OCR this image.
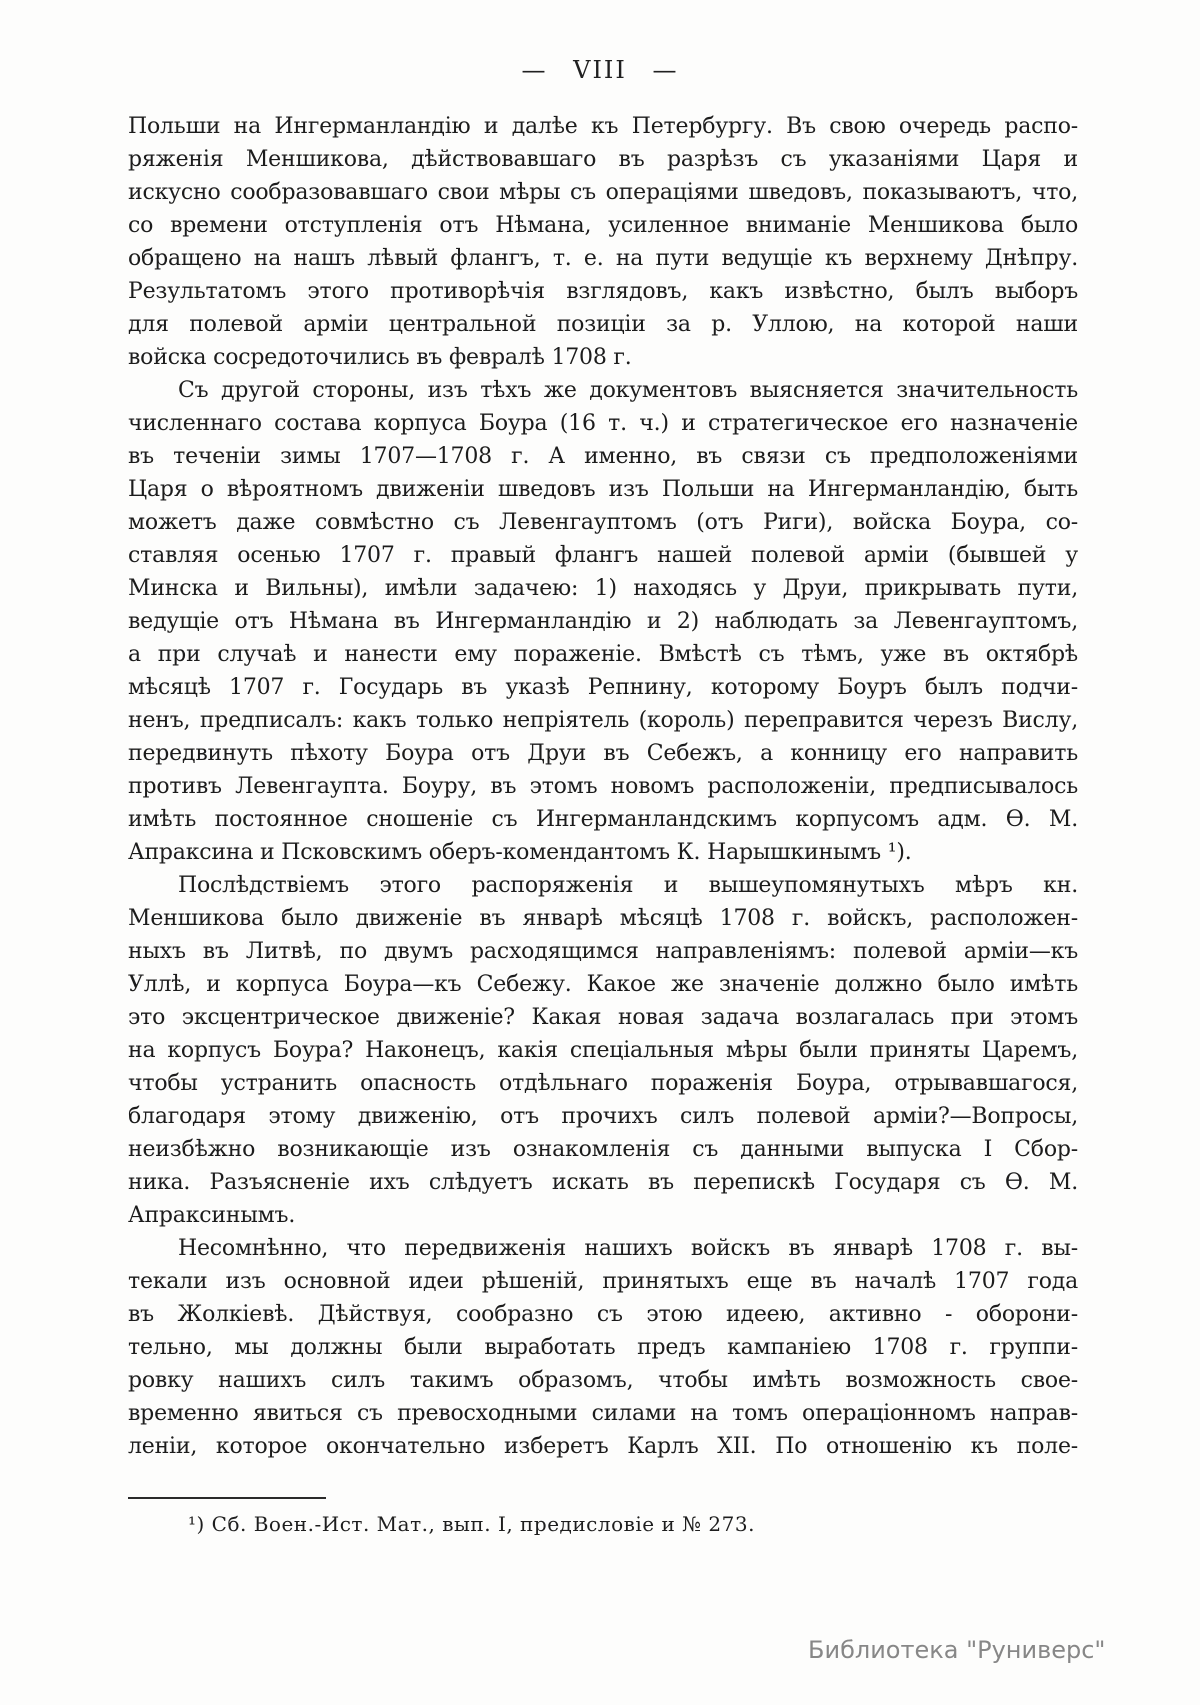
— VIII —
Польши на Ингерманландію и далѣе къ Петербургу. Въ свою очередь распо-
ряженія Меншикова, дѣйствовавшаго въ разрѣзъ съ указаніями Царя и
искусно сообразовавшаго свои мѣры съ операціями шведовъ, показываютъ, что,
со времени отступленія отъ Нѣмана, усиленное вниманіе Меншикова было
обращено на нашъ лѣвый флангъ, т. е. на пути ведущіе къ верхнему Днѣпру.
Результатомъ этого противорѣчія взглядовъ, какъ извѣстно, былъ выборъ
для полевой арміи центральной позиціи за р. Уллою, на которой наши
войска сосредоточились въ февралѣ 1708 г.
Съ другой стороны, изъ тѣхъ же документовъ выясняется значительность
численнаго состава корпуса Боура (16 т. ч.) и стратегическое его назначеніе
въ теченіи зимы 1707—1708 г. А именно, въ связи съ предположеніями
Царя о вѣроятномъ движеніи шведовъ изъ Польши на Ингерманландію, быть
можетъ даже совмѣстно съ Левенгауптомъ (отъ Риги), войска Боура, со-
ставляя осенью 1707 г. правый флангъ нашей полевой арміи (бывшей у
Минска и Вильны), имѣли задачею: 1) находясь у Друи, прикрывать пути,
ведущіе отъ Нѣмана въ Ингерманландію и 2) наблюдать за Левенгауптомъ,
а при случаѣ и нанести ему пораженіе. Вмѣстѣ съ тѣмъ, уже въ октябрѣ
мѣсяцѣ 1707 г. Государь въ указѣ Репнину, которому Боуръ былъ подчи-
ненъ, предписалъ: какъ только непріятель (король) переправится черезъ Вислу,
передвинуть пѣхоту Боура отъ Друи въ Себежъ, а конницу его направить
противъ Левенгаупта. Боуру, въ этомъ новомъ расположеніи, предписывалось
имѣть постоянное сношеніе съ Ингерманландскимъ корпусомъ адм. Ѳ. М.
Апраксина и Псковскимъ оберъ-комендантомъ К. Нарышкинымъ ¹).
Послѣдствіемъ этого распоряженія и вышеупомянутыхъ мѣръ кн.
Меншикова было движеніе въ январѣ мѣсяцѣ 1708 г. войскъ, расположен-
ныхъ въ Литвѣ, по двумъ расходящимся направленіямъ: полевой арміи—къ
Уллѣ, и корпуса Боура—къ Себежу. Какое же значеніе должно было имѣть
это эксцентрическое движеніе? Какая новая задача возлагалась при этомъ
на корпусъ Боура? Наконецъ, какія спеціальныя мѣры были приняты Царемъ,
чтобы устранить опасность отдѣльнаго пораженія Боура, отрывавшагося,
благодаря этому движенію, отъ прочихъ силъ полевой арміи?—Вопросы,
неизбѣжно возникающіе изъ ознакомленія съ данными выпуска I Сбор-
ника. Разъясненіе ихъ слѣдуетъ искать въ перепискѣ Государя съ Ѳ. М.
Апраксинымъ.
Несомнѣнно, что передвиженія нашихъ войскъ въ январѣ 1708 г. вы-
текали изъ основной идеи рѣшеній, принятыхъ еще въ началѣ 1707 года
въ Жолкіевѣ. Дѣйствуя, сообразно съ этою идеею, активно - оборони-
тельно, мы должны были выработать предъ кампаніею 1708 г. группи-
ровку нашихъ силъ такимъ образомъ, чтобы имѣть возможность свое-
временно явиться съ превосходными силами на томъ операціонномъ направ-
леніи, которое окончательно изберетъ Карлъ XII. По отношенію къ поле-
¹) Сб. Воен.-Ист. Мат., вып. I, предисловіе и № 273.
Библиотека "Руниверс"
